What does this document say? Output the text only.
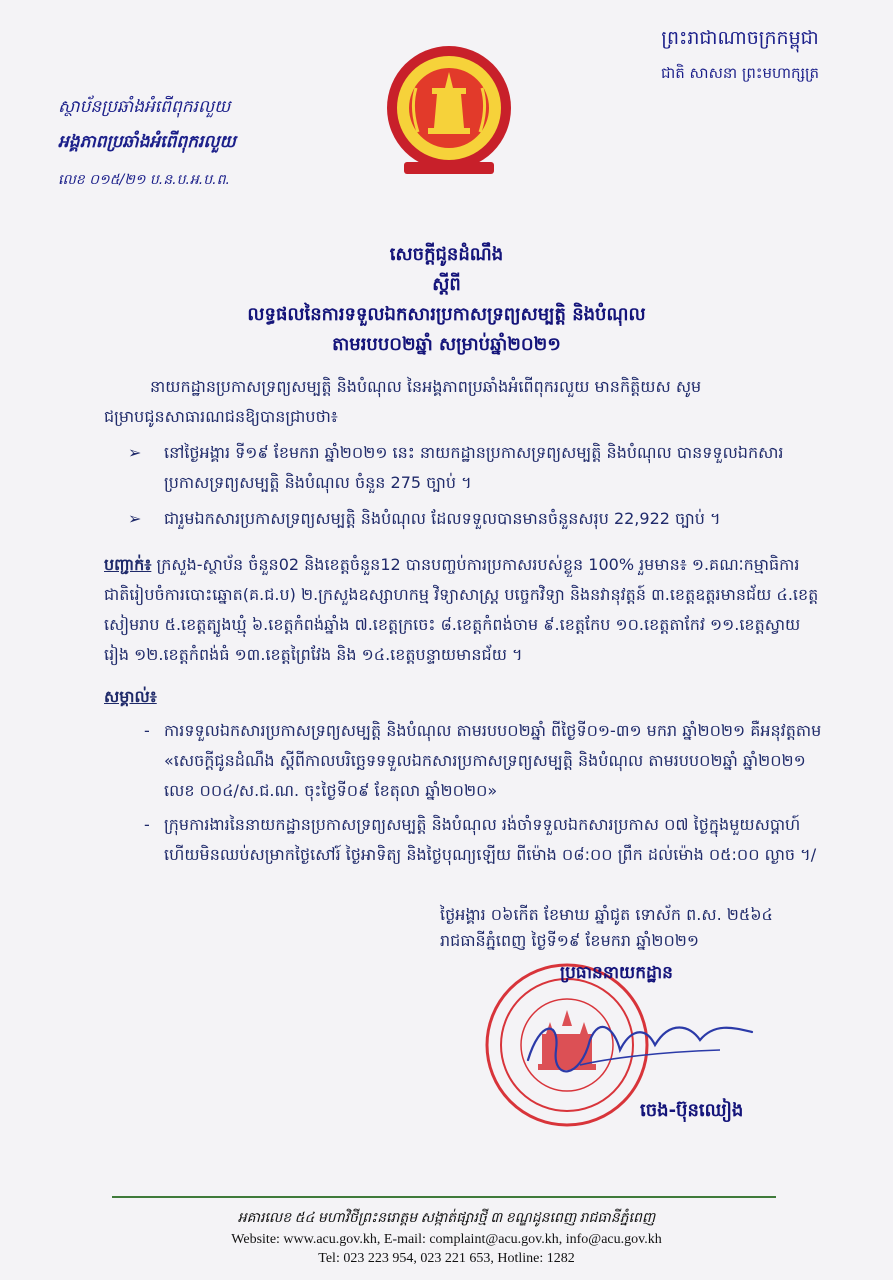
ស្ថាប័នប្រឆាំងអំពើពុករលួយ
អង្គភាពប្រឆាំងអំពើពុករលួយ
លេខ ០១៥/២១ ប.ន.ប.អ.ប.ព.
ព្រះរាជាណាចក្រកម្ពុជា
ជាតិ សាសនា ព្រះមហាក្សត្រ
សេចក្តីជូនដំណឹង
ស្តីពី
លទ្ធផលនៃការទទួលឯកសារប្រកាសទ្រព្យសម្បត្តិ និងបំណុល
តាមរបប០២ឆ្នាំ សម្រាប់ឆ្នាំ២០២១
នាយកដ្ឋានប្រកាសទ្រព្យសម្បត្តិ និងបំណុល នៃអង្គភាពប្រឆាំងអំពើពុករលួយ មានកិត្តិយស សូមជម្រាបជូនសាធារណជនឱ្យបានជ្រាបថា៖
➢ នៅថ្ងៃអង្គារ ទី១៩ ខែមករា ឆ្នាំ២០២១ នេះ នាយកដ្ឋានប្រកាសទ្រព្យសម្បត្តិ និងបំណុល បានទទួលឯកសារប្រកាសទ្រព្យសម្បត្តិ និងបំណុល ចំនួន 275 ច្បាប់ ។
➢ ជារួមឯកសារប្រកាសទ្រព្យសម្បត្តិ និងបំណុល ដែលទទួលបានមានចំនួនសរុប 22,922 ច្បាប់ ។
បញ្ជាក់៖ ក្រសួង-ស្ថាប័ន ចំនួន02 និងខេត្តចំនួន12 បានបញ្ចប់ការប្រកាសរបស់ខ្លួន 100% រួមមាន៖ ១.គណៈកម្មាធិការជាតិរៀបចំការបោះឆ្នោត(គ.ជ.ប) ២.ក្រសួងឧស្សាហកម្ម វិទ្យាសាស្ត្រ បច្ចេកវិទ្យា និងនវានុវត្តន៍ ៣.ខេត្តឧត្តរមានជ័យ ៤.ខេត្តសៀមរាប ៥.ខេត្តត្បូងឃ្មុំ ៦.ខេត្តកំពង់ឆ្នាំង ៧.ខេត្តក្រចេះ ៨.ខេត្តកំពង់ចាម ៩.ខេត្តកែប ១០.ខេត្តតាកែវ ១១.ខេត្តស្វាយរៀង ១២.ខេត្តកំពង់ធំ ១៣.ខេត្តព្រៃវែង និង ១៤.ខេត្តបន្ទាយមានជ័យ ។
សម្គាល់៖
- ការទទួលឯកសារប្រកាសទ្រព្យសម្បត្តិ និងបំណុល តាមរបប០២ឆ្នាំ ពីថ្ងៃទី០១-៣១ មករា ឆ្នាំ២០២១ គឺអនុវត្តតាម «សេចក្តីជូនដំណឹង ស្តីពីកាលបរិច្ឆេទទទួលឯកសារប្រកាសទ្រព្យសម្បត្តិ និងបំណុល តាមរបប០២ឆ្នាំ ឆ្នាំ២០២១ លេខ ០០៤/ស.ជ.ណ. ចុះថ្ងៃទី០៩ ខែតុលា ឆ្នាំ២០២០»
- ក្រុមការងារនៃនាយកដ្ឋានប្រកាសទ្រព្យសម្បត្តិ និងបំណុល រង់ចាំទទួលឯកសារប្រកាស ០៧ ថ្ងៃក្នុងមួយសប្តាហ៍ ហើយមិនឈប់សម្រាកថ្ងៃសៅរ៍ ថ្ងៃអាទិត្យ និងថ្ងៃបុណ្យឡើយ ពីម៉ោង ០៨:០០ ព្រឹក ដល់ម៉ោង ០៥:០០ ល្ងាច ។/
ថ្ងៃអង្គារ ០៦កើត ខែមាឃ ឆ្នាំជូត ទោស័ក ព.ស. ២៥៦៤
រាជធានីភ្នំពេញ ថ្ងៃទី១៩ ខែមករា ឆ្នាំ២០២១
ប្រធាននាយកដ្ឋាន
ចេង-ប៊ុនឈៀង
អគារលេខ ៥៤ មហាវិថីព្រះនរោត្តម សង្កាត់ផ្សារថ្មី ៣ ខណ្ឌដូនពេញ រាជធានីភ្នំពេញ
Website: www.acu.gov.kh, E-mail: complaint@acu.gov.kh, info@acu.gov.kh
Tel: 023 223 954, 023 221 653, Hotline: 1282
